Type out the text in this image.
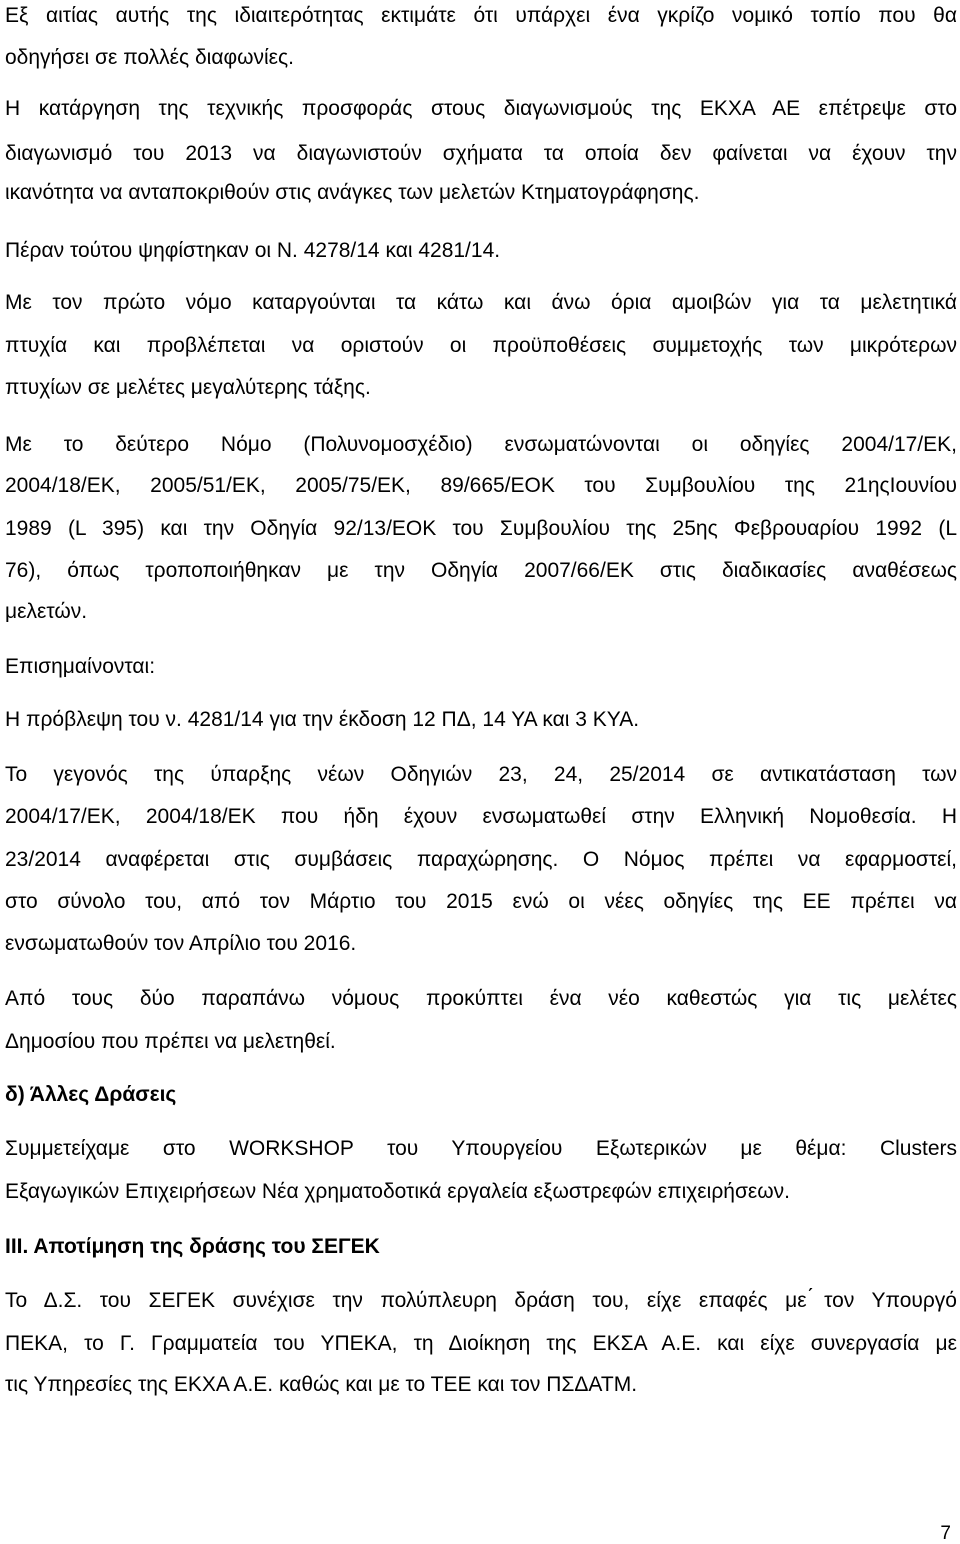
Εξ αιτίας αυτής της ιδιαιτερότητας εκτιμάτε ότι υπάρχει ένα γκρίζο νομικό τοπίο που θα
οδηγήσει σε πολλές διαφωνίες.
Η κατάργηση της τεχνικής προσφοράς στους διαγωνισμούς της ΕΚΧΑ ΑΕ επέτρεψε στο
διαγωνισμό του 2013 να διαγωνιστούν σχήματα τα οποία δεν φαίνεται να έχουν την
ικανότητα να ανταποκριθούν στις ανάγκες των μελετών Κτηματογράφησης.
Πέραν τούτου ψηφίστηκαν οι Ν. 4278/14 και 4281/14.
Με τον πρώτο νόμο καταργούνται τα κάτω και άνω όρια αμοιβών για τα μελετητικά
πτυχία και προβλέπεται να οριστούν οι προϋποθέσεις συμμετοχής των μικρότερων
πτυχίων σε μελέτες μεγαλύτερης τάξης.
Με το δεύτερο Νόμο (Πολυνομοσχέδιο) ενσωματώνονται οι οδηγίες 2004/17/ΕΚ,
2004/18/ΕΚ, 2005/51/ΕΚ, 2005/75/ΕΚ, 89/665/ΕΟΚ του Συμβουλίου της 21ηςΙουνίου
1989 (L 395) και την Οδηγία 92/13/ΕΟΚ του Συμβουλίου της 25ης Φεβρουαρίου 1992 (L
76), όπως τροποποιήθηκαν με την Οδηγία 2007/66/ΕΚ στις διαδικασίες αναθέσεως
μελετών.
Επισημαίνονται:
Η πρόβλεψη του ν. 4281/14 για την έκδοση 12 ΠΔ, 14 ΥΑ και 3 ΚΥΑ.
Το γεγονός της ύπαρξης νέων Οδηγιών 23, 24, 25/2014 σε αντικατάσταση των
2004/17/ΕΚ, 2004/18/ΕΚ που ήδη έχουν ενσωματωθεί στην Ελληνική Νομοθεσία. Η
23/2014 αναφέρεται στις συμβάσεις παραχώρησης. Ο Νόμος πρέπει να εφαρμοστεί,
στο σύνολο του, από τον Μάρτιο του 2015 ενώ οι νέες οδηγίες της ΕΕ πρέπει να
ενσωματωθούν τον Απρίλιο του 2016.
Από τους δύο παραπάνω νόμους προκύπτει ένα νέο καθεστώς για τις μελέτες
Δημοσίου που πρέπει να μελετηθεί.
δ) Άλλες Δράσεις
Συμμετείχαμε στο WORKSHOP του Υπουργείου Εξωτερικών με θέμα: Clusters
Εξαγωγικών Επιχειρήσεων Νέα χρηματοδοτικά εργαλεία εξωστρεφών επιχειρήσεων.
ΙΙΙ. Αποτίμηση της δράσης του ΣΕΓΕΚ
Το Δ.Σ. του ΣΕΓΕΚ συνέχισε την πολύπλευρη δράση του, είχε επαφές με ́τον Υπουργό
ΠΕΚΑ, το Γ. Γραμματεία του ΥΠΕΚΑ, τη Διοίκηση της ΕΚΣΑ Α.Ε. και είχε συνεργασία με
τις Υπηρεσίες της ΕΚΧΑ Α.Ε. καθώς και με το ΤΕΕ και τον ΠΣΔΑΤΜ.
7
